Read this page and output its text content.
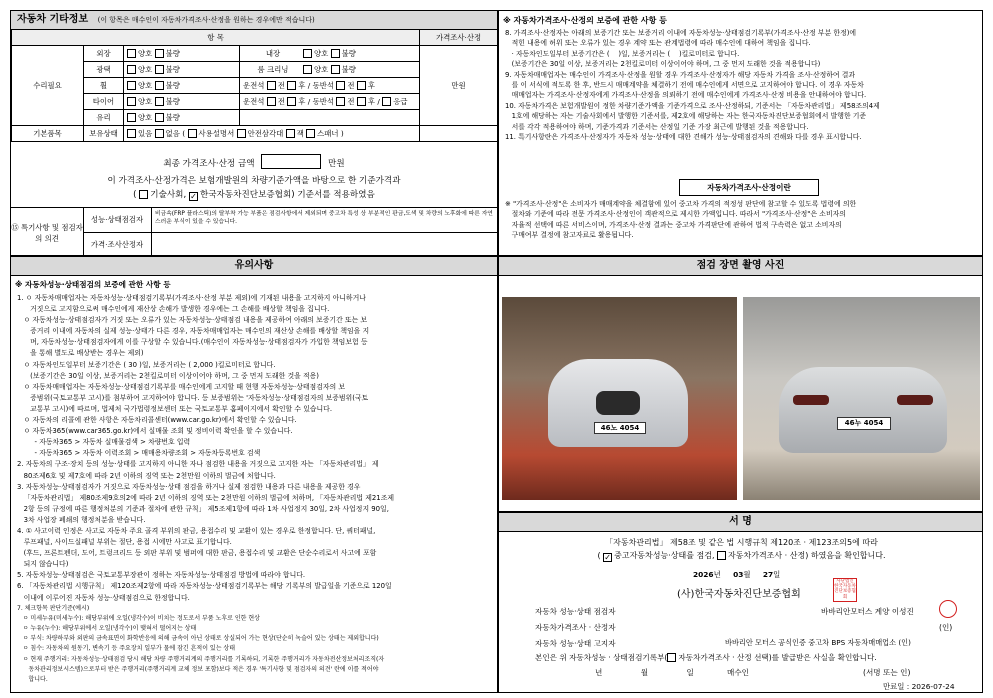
자동차 기타정보 (이 항목은 매수인이 자동차가격조사·산정을 원하는 경우에만 적습니다)
항 목				가격조사·산정
수리필요	외장	양호 불량	내장 양호 불량	만원
	광택	양호 불량	룸 크리닝 양호 불량	
	휠	양호 불량	운전석 전 후 / 동반석 전 후	
	타이어	양호 불량	운전석 전 후 / 동반석 전 후 / 응급	
	유리	양호 불량		
기본품목	보유상태	있음 없음 ( 사용설명서 안전삼각대 잭 스패너 )		
최종 가격조사·산정 금액	만원
이 가격조사·산정가격은 보험개발원의 차량기준가액을 바탕으로 한 기준가격과
( 기술사회, ✓ 한국자동차진단보증협회) 기준서를 적용하였음
⑮ 특기사항 및 점검자의 의견
성능·상태점검자
비금속(FRP 플라스틱)의 탈부착 가능 부품은 점검사항에서 제외되며 중고차 특성 상 부분적인 판금,도색 및 차량의 노후화에 따른 자연스러운 부식이 있을 수 있습니다.
가격·조사산정자
※ 자동차가격조사·산정의 보증에 관한 사항 등
8. 가격조사·산정자는 아래의 보증기간 또는 보증거리 이내에 자동차성능·상태점검기록부(가격조사·산정 부분 한정)에
적힌 내용에 허위 또는 오류가 있는 경우 계약 또는 관계법령에 따라 매수인에 대하여 책임을 집니다.
· 자동차인도일부터 보증기간은 (    )일, 보증거리는 (    )킬로미터로 합니다.
(보증기간은 30일 이상, 보증거리는 2천킬로미터 이상이어야 하며, 그 중 먼저 도래한 것을 적용합니다)
9. 자동차매매업자는 매수인이 가격조사·산정을 원할 경우 가격조사·산정자가 해당 자동차 가격을 조사·산정하여 결과
를 이 서식에 적도록 한 후, 반드시 매매계약을 체결하기 전에 매수인에게 서면으로 고지하여야 합니다. 이 경우 자동차
매매업자는 가격조사·산정자에게 가격조사·산정을 의뢰하기 전에 매수인에게 가격조사·산정 비용을 안내하여야 합니다.
10. 자동차가격은 보험개발원이 정한 차량기준가액을 기준가격으로 조사·산정하되, 기준서는 「자동차관리법」 제58조의4제
1호에 해당하는 자는 기술사회에서 발행한 기준서를, 제2호에 해당하는 자는 한국자동차진단보증협회에서 발행한 기준
서를 각각 적용하여야 하며, 기준가격과 기준서는 산정일 기준 가장 최근에 발행된 것을 적용합니다.
11. 특기사항란은 가격조사·산정자가 자동차 성능·상태에 대한 견해가 성능·상태점검자의 견해와 다를 경우 표시합니다.
자동차가격조사·산정이란
※ "가격조사·산정"은 소비자가 매매계약을 체결함에 있어 중고차 가격의 적정성 판단에 참고할 수 있도록 법령에 의한
절차와 기준에 따라 전문 가격조사·산정인이 객관적으로 제시한 가액입니다. 따라서 "가격조사·산정"은 소비자의
자율적 선택에 따른 서비스이며, 가격조사·산정 결과는 중고차 가격판단에 관하여 법적 구속력은 없고 소비자의
구매여부 결정에 참고자료로 활용됩니다.
유의사항
※ 자동차성능·상태점검의 보증에 관한 사항 등
1. ㅇ 자동차매매업자는 자동차성능·상태점검기록부(가격조사·산정 부분 제외)에 기재된 내용을 고지하지 아니하거나
거짓으로 고지함으로써 매수인에게 재산상 손해가 발생한 경우에는 그 손해를 배상할 책임을 집니다.
ㅇ 자동차성능·상태점검자가 거짓 또는 오류가 있는 자동차성능·상태점검 내용을 제공하여 아래의 보증기간 또는 보
증거리 이내에 자동차의 실제 성능·상태가 다른 경우, 자동차매매업자는 매수인의 재산상 손해를 배상할 책임을 지
며, 자동차성능·상태점검자에게 이를 구상할 수 있습니다.(매수인이 자동차성능·상태점검자가 가입한 책임보험 등
을 통해 별도로 배상받는 경우는 제외)
ㅇ 자동차인도일부터 보증기간은 ( 30 )일, 보증거리는 ( 2,000 )킬로미터로 합니다.
(보증기간은 30일 이상, 보증거리는 2천킬로미터 이상이어야 하며, 그 중 먼저 도래한 것을 적용)
ㅇ 자동차매매업자는 자동차성능·상태점검기록부를 매수인에게 고지할 때 현행 자동차성능·상태점검자의 보
증범위(국토교통부 고시)를 첨부하여 고지하여야 합니다. 등 보증범위는 '자동차성능·상태점검자의 보증범위(국토
교통부 고시)에 따르며, 법제처 국가법령정보센터 또는 국토교통부 홈페이지에서 확인할 수 있습니다.
ㅇ 자동차의 리콜에 관한 사항은 자동차리콜센터(www.car.go.kr)에서 확인할 수 있습니다.
ㅇ 자동차365(www.car365.go.kr)에서 실매물 조회 및 정비이력 확인을 할 수 있습니다.
- 자동차365 > 자동차 실매물검색 > 차량번호 입력
- 자동차365 > 자동차 이력조회 > 매매용차량조회 > 자동차등록번호 검색
2. 자동차의 구조·장치 등의 성능·상태를 고지하지 아니한 자나 점검한 내용을 거짓으로 고지한 자는 「자동차관리법」 제
80조제6호 및 제7호에 따라 2년 이하의 징역 또는 2천만원 이하의 벌금에 처합니다.
3. 자동차성능·상태점검자가 거짓으로 자동차성능·상태 점검을 하거나 실제 점검한 내용과 다른 내용을 제공한 경우
「자동차관리법」 제80조제9호의2에 따라 2년 이하의 징역 또는 2천만원 이하의 벌금에 처하며, 「자동차관리법 제21조제
2항 등의 규정에 따른 행정처분의 기준과 절차에 관한 규칙」 제5조제1항에 따라 1차 사업정지 30일, 2차 사업정지 90일,
3차 사업장 폐쇄의 행정처분을 받습니다.
4. ① 사고이력 인정은 사고로 자동차 주요 골격 부위의 판금, 용접수리 및 교환이 있는 경우로 한정합니다. 단, 쿼터패널,
루프패널, 사이드실패널 부위는 절단, 용접 시에만 사고로 표기합니다.
(후드, 프론트펜더, 도어, 트렁크리드 등 외판 부위 및 범퍼에 대한 판금, 용접수리 및 교환은 단순수리로서 사고에 포함
되지 않습니다)
5. 자동차성능·상태점검은 국토교통부장관이 정하는 자동차성능·상태점검 방법에 따라야 합니다.
6. 「자동차관리법 시행규칙」 제120조제2항에 따라 자동차성능·상태점검기록부는 해당 기록부의 발급일을 기준으로 120일
이내에 이루어진 자동차 성능·상태점검으로 한정합니다.
7. 체크항목 판단기준(예시)
ㅇ 미세누유(미세누수): 해당부위에 오일(냉각수)이 비치는 정도로서 부품 노후로 인한 현상
ㅇ 누유(누수): 해당부위에서 오일(냉각수)이 맺혀서 떨어지는 상태
ㅇ 부식: 차량하부와 외판의 금속표면이 화학반응에 의해 금속이 아닌 상태로 상실되어 가는 현상(단순히 녹슬어 있는 상태는 제외합니다)
ㅇ 침수: 자동차의 원동기, 변속기 등 주요장치 일부가 물에 잠긴 흔적이 있는 상태
ㅇ 현재 주행거리: 자동차성능·상태점검 당시 해당 차량 주행거리계의 주행거리를 기록하되, 기록한 주행거리가 자동차전산정보처리조직(자
동차관리정보시스템)으로부터 받은 주행거리(주행거리계 교체 정보 포함)보다 적은 경우 '특기사항 및 점검자의 의견' 란에 이를 적어야
합니다.
점검 장면 촬영 사진
46노 4054
46누 4054
서 명
「자동차관리법」 제58조 및 같은 법 시행규칙 제120조 · 제123조의5에 따라
( ✓ 중고자동차성능·상태를 점검, 자동차가격조사 · 산정) 하였음을 확인합니다.
2026년 03월 27일
(사)한국자동차진단보증협회
사단법인 한국자동차 진단보증협회
자동차 성능·상태 점검자	바바리안모터스 계양 이성진
자동차가격조사 · 산정자	(인)
자동차 성능·상태 고지자	바바리안 모터스 공식인증 중고차 BPS 자동차매매업소 (인)
본인은 위 자동차성능 · 상태점검기록부( 자동차가격조사 · 산정 선택)를 발급받은 사실을 확인합니다.
년	월	일	매수인	(서명 또는 인)
만료일 : 2026-07-24
